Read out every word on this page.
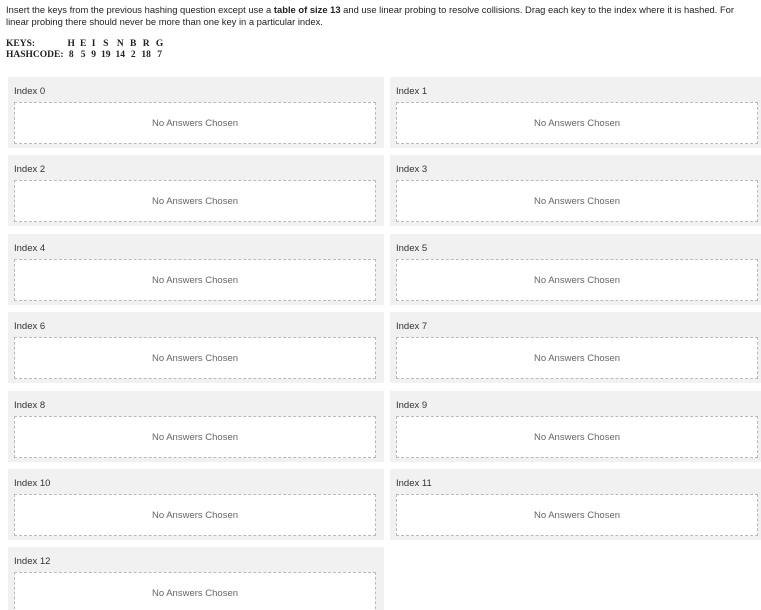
Insert the keys from the previous hashing question except use a table of size 13 and use linear probing to resolve collisions. Drag each key to the index where it is hashed. For linear probing there should never be more than one key in a particular index.
KEYS:	H	E	I	S	N	B	R	G
HASHCODE:	8	5	9	19	14	2	18	7
Index 0
No Answers Chosen
Index 1
No Answers Chosen
Index 2
No Answers Chosen
Index 3
No Answers Chosen
Index 4
No Answers Chosen
Index 5
No Answers Chosen
Index 6
No Answers Chosen
Index 7
No Answers Chosen
Index 8
No Answers Chosen
Index 9
No Answers Chosen
Index 10
No Answers Chosen
Index 11
No Answers Chosen
Index 12
No Answers Chosen
